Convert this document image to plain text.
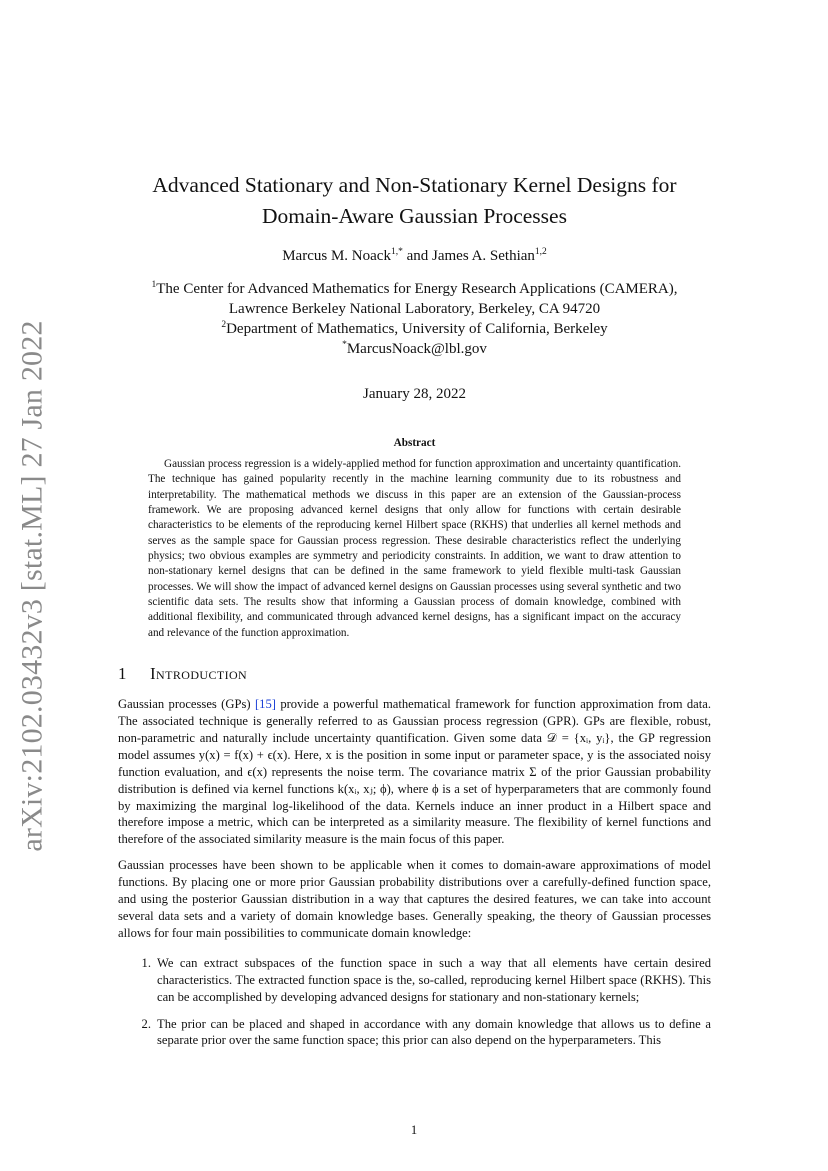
arXiv:2102.03432v3 [stat.ML] 27 Jan 2022
Advanced Stationary and Non-Stationary Kernel Designs for
Domain-Aware Gaussian Processes
Marcus M. Noack$^{1,*}$ and James A. Sethian$^{1,2}$
$^1$The Center for Advanced Mathematics for Energy Research Applications (CAMERA),
Lawrence Berkeley National Laboratory, Berkeley, CA 94720
$^2$Department of Mathematics, University of California, Berkeley
*MarcusNoack@lbl.gov
January 28, 2022
Abstract

Gaussian process regression is a widely-applied method for function approximation and uncertainty quantification. The technique has gained popularity recently in the machine learning community due to its robustness and interpretability. The mathematical methods we discuss in this paper are an extension of the Gaussian-process framework. We are proposing advanced kernel designs that only allow for functions with certain desirable characteristics to be elements of the reproducing kernel Hilbert space (RKHS) that underlies all kernel methods and serves as the sample space for Gaussian process regression. These desirable characteristics reflect the underlying physics; two obvious examples are symmetry and periodicity constraints. In addition, we want to draw attention to non-stationary kernel designs that can be defined in the same framework to yield flexible multi-task Gaussian processes. We will show the impact of advanced kernel designs on Gaussian processes using several synthetic and two scientific data sets. The results show that informing a Gaussian process of domain knowledge, combined with additional flexibility, and communicated through advanced kernel designs, has a significant impact on the accuracy and relevance of the function approximation.

1	Introduction

Gaussian processes (GPs) [15] provide a powerful mathematical framework for function approximation from data. The associated technique is generally referred to as Gaussian process regression (GPR). GPs are flexible, robust, non-parametric and naturally include uncertainty quantification. Given some data 𝒟 = {xᵢ, yᵢ}, the GP regression model assumes y(x) = f(x) + ϵ(x). Here, x is the position in some input or parameter space, y is the associated noisy function evaluation, and ϵ(x) represents the noise term. The covariance matrix Σ of the prior Gaussian probability distribution is defined via kernel functions k(xᵢ, xⱼ; ϕ), where ϕ is a set of hyperparameters that are commonly found by maximizing the marginal log-likelihood of the data. Kernels induce an inner product in a Hilbert space and therefore impose a metric, which can be interpreted as a similarity measure. The flexibility of kernel functions and therefore of the associated similarity measure is the main focus of this paper.

Gaussian processes have been shown to be applicable when it comes to domain-aware approximations of model functions. By placing one or more prior Gaussian probability distributions over a carefully-defined function space, and using the posterior Gaussian distribution in a way that captures the desired features, we can take into account several data sets and a variety of domain knowledge bases. Generally speaking, the theory of Gaussian processes allows for four main possibilities to communicate domain knowledge:

1. We can extract subspaces of the function space in such a way that all elements have certain desired characteristics. The extracted function space is the, so-called, reproducing kernel Hilbert space (RKHS). This can be accomplished by developing advanced designs for stationary and non-stationary kernels;
2. The prior can be placed and shaped in accordance with any domain knowledge that allows us to define a separate prior over the same function space; this prior can also depend on the hyperparameters. This
1
